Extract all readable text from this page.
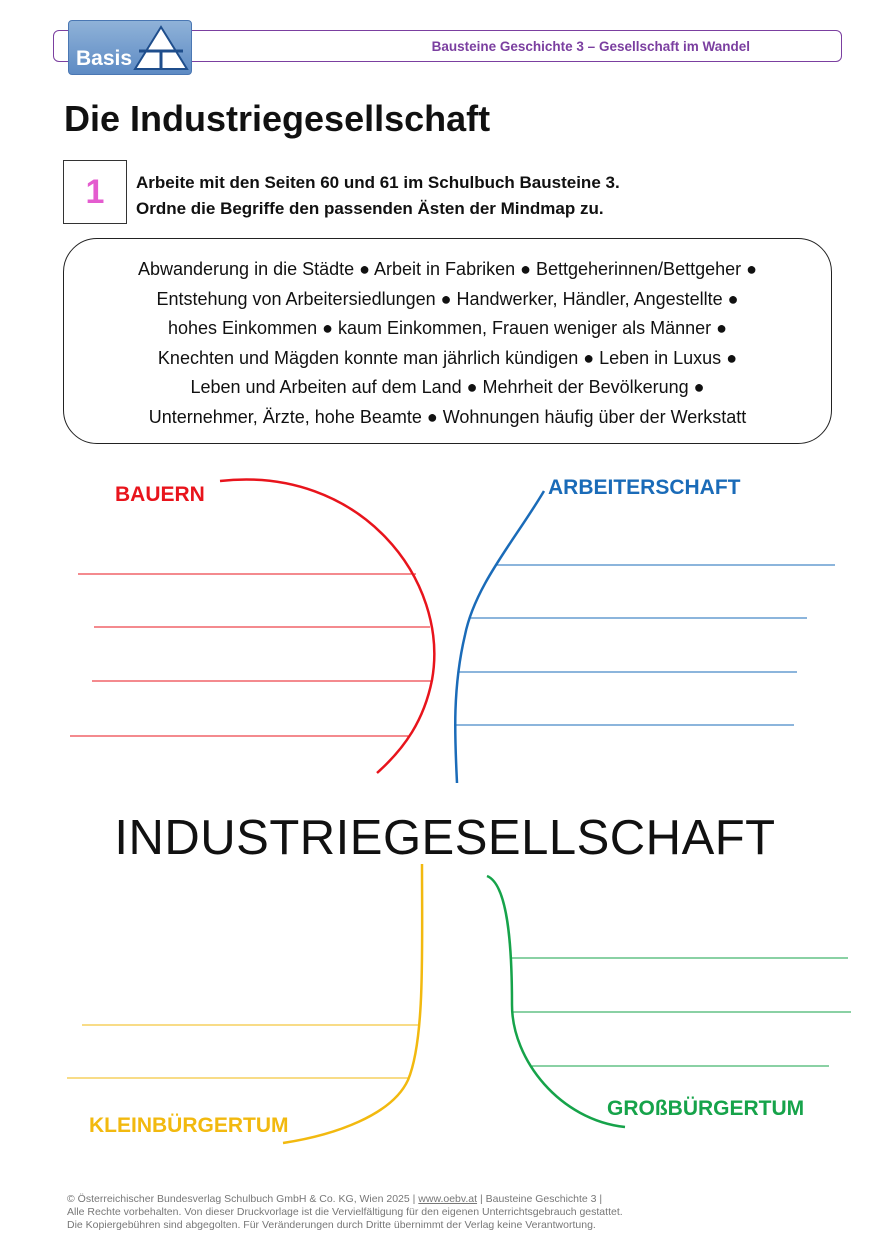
Basis
Bausteine Geschichte 3 – Gesellschaft im Wandel
Die Industriegesellschaft
1 Arbeite mit den Seiten 60 und 61 im Schulbuch Bausteine 3.
Ordne die Begriffe den passenden Ästen der Mindmap zu.
Abwanderung in die Städte ● Arbeit in Fabriken ● Bettgeherinnen/Bettgeher ●
Entstehung von Arbeitersiedlungen ● Handwerker, Händler, Angestellte ●
hohes Einkommen ● kaum Einkommen, Frauen weniger als Männer ●
Knechten und Mägden konnte man jährlich kündigen ● Leben in Luxus ●
Leben und Arbeiten auf dem Land ● Mehrheit der Bevölkerung ●
Unternehmer, Ärzte, hohe Beamte ● Wohnungen häufig über der Werkstatt
BAUERN	ARBEITERSCHAFT
KLEINBÜRGERTUM
GROßBÜRGERTUM
INDUSTRIEGESELLSCHAFT
© Österreichischer Bundesverlag Schulbuch GmbH & Co. KG, Wien 2025 | www.oebv.at | Bausteine Geschichte 3 |
Alle Rechte vorbehalten. Von dieser Druckvorlage ist die Vervielfältigung für den eigenen Unterrichtsgebrauch gestattet.
Die Kopiergebühren sind abgegolten. Für Veränderungen durch Dritte übernimmt der Verlag keine Verantwortung.
